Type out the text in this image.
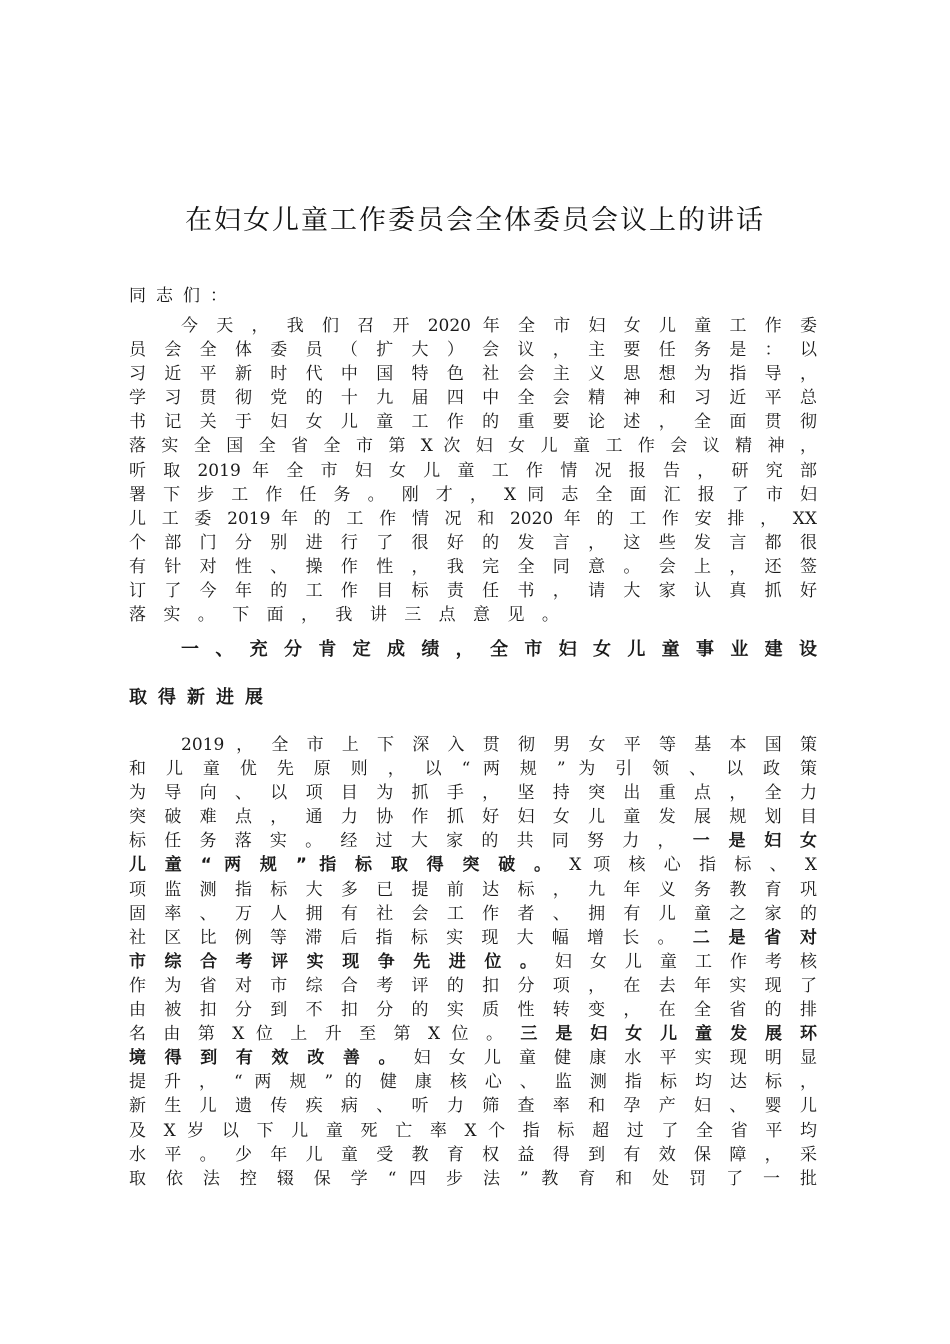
在妇女儿童工作委员会全体委员会议上的讲话

同志们：

今 天 ， 我 们 召 开 2020 年 全 市 妇 女 儿 童 工 作 委
员 会 全 体 委 员 （ 扩 大 ） 会 议 ， 主 要 任 务 是 ： 以
习 近 平 新 时 代 中 国 特 色 社 会 主 义 思 想 为 指 导 ，
学 习 贯 彻 党 的 十 九 届 四 中 全 会 精 神 和 习 近 平 总
书 记 关 于 妇 女 儿 童 工 作 的 重 要 论 述 ， 全 面 贯 彻
落 实 全 国 全 省 全 市 第 X 次 妇 女 儿 童 工 作 会 议 精 神 ，
听 取 2019 年 全 市 妇 女 儿 童 工 作 情 况 报 告 ， 研 究 部
署 下 步 工 作 任 务 。 刚 才 ， X 同 志 全 面 汇 报 了 市 妇
儿 工 委 2019 年 的 工 作 情 况 和 2020 年 的 工 作 安 排 ， XX
个 部 门 分 别 进 行 了 很 好 的 发 言 ， 这 些 发 言 都 很
有 针 对 性 、 操 作 性 ， 我 完 全 同 意 。 会 上 ， 还 签
订 了 今 年 的 工 作 目 标 责 任 书 ， 请 大 家 认 真 抓 好
落 实 。 下 面 ， 我 讲 三 点 意 见 。
一 、 充 分 肯 定 成 绩 ， 全 市 妇 女 儿 童 事 业 建 设
取得新进展
2019 ， 全 市 上 下 深 入 贯 彻 男 女 平 等 基 本 国 策
和 儿 童 优 先 原 则 ， 以 “ 两 规 ” 为 引 领 、 以 政 策
为 导 向 、 以 项 目 为 抓 手 ， 坚 持 突 出 重 点 ， 全 力
突 破 难 点 ， 通 力 协 作 抓 好 妇 女 儿 童 发 展 规 划 目
标 任 务 落 实 。 经 过 大 家 的 共 同 努 力 ， 一 是 妇 女
儿 童 “ 两 规 ” 指 标 取 得 突 破 。 X 项 核 心 指 标 、 X
项 监 测 指 标 大 多 已 提 前 达 标 ， 九 年 义 务 教 育 巩
固 率 、 万 人 拥 有 社 会 工 作 者 、 拥 有 儿 童 之 家 的
社 区 比 例 等 滞 后 指 标 实 现 大 幅 增 长 。 二 是 省 对
市 综 合 考 评 实 现 争 先 进 位 。 妇 女 儿 童 工 作 考 核
作 为 省 对 市 综 合 考 评 的 扣 分 项 ， 在 去 年 实 现 了
由 被 扣 分 到 不 扣 分 的 实 质 性 转 变 ， 在 全 省 的 排
名 由 第 X 位 上 升 至 第 X 位 。 三 是 妇 女 儿 童 发 展 环
境 得 到 有 效 改 善 。 妇 女 儿 童 健 康 水 平 实 现 明 显
提 升 ， “ 两 规 ” 的 健 康 核 心 、 监 测 指 标 均 达 标 ，
新 生 儿 遗 传 疾 病 、 听 力 筛 查 率 和 孕 产 妇 、 婴 儿
及 X 岁 以 下 儿 童 死 亡 率 X 个 指 标 超 过 了 全 省 平 均
水 平 。 少 年 儿 童 受 教 育 权 益 得 到 有 效 保 障 ， 采
取 依 法 控 辍 保 学 “ 四 步 法 ” 教 育 和 处 罚 了 一 批
